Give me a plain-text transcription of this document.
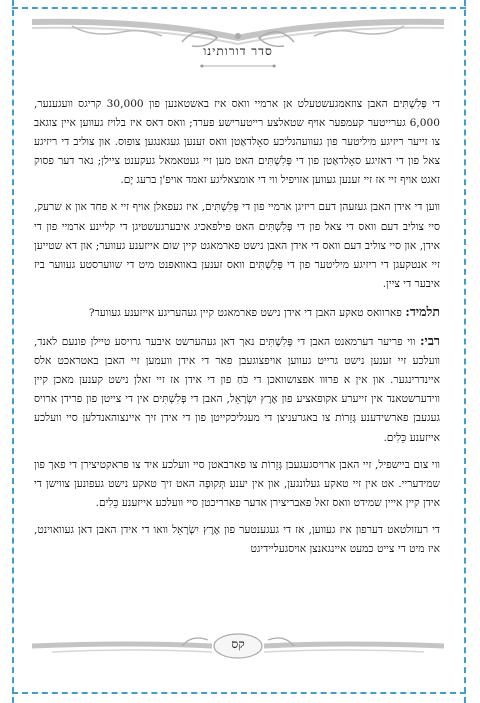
סדר דורותינו

די פְּלִשְׁתִּים האבן צוזאמגעשטעלט אן ארמיי וואס איז באשטאנען פון 30,000 קריגס וועגענער, 6,000 גערייטער קעמפער אויף שטאלצע רייטערישע פערד; וואס דאס איז בלויז געווען איין צוגאב צו זייער ריזיגע מיליטער פון געוועהנליכע סאָלדאַטן וואס זענען געגאנגען צופוס. און צוליב די ריזיגע צאל פון די דאזיגע סאָלדאַטן פון די פְּלִשְׁתִּים האט מען זיי געטאמאל געקענט ציילן; נאר דער פסוק זאגט אויף זיי אז זיי זענען געווען אזויפיל ווי די אומצאליגע זאמד אויפ'ן ברעג יָם.

ווען די אידן האבן געזעהן דעם ריזיגן ארמיי פון די פְּלִשְׁתִּים, איז געפאלן אויף זיי א פחד און א שרעק, סיי צוליב דעם וואס די צאל פון די פְּלִשְׁתִּים האט פילפאכיג איבערגעשטיגן די קליינע ארמיי פון די אידן, און סיי צוליב דעם וואס די אידן האבן נישט פארמאגט קיין שום אייזענע געווער; און דא שטייען זיי אנטקעגן די ריזיגע מיליטער פון די פְּלִשְׁתִּים וואס זענען באוואפנט מיט די שווערסטע געווער ביז איבער די ציין.

תלמיד: פארוואס טאקע האבן די אידן נישט פארמאגט קיין געהעריגע אייזענע געווער?

רבי: ווי פריער דערמאנט האבן די פְּלִשְׁתִּים נאך דאן געהערשט איבער גרויסע טיילן פונעם לאנד, וועלכע זיי זענען נישט גרייט געווען אויפצוגעבן פאר די אידן וועמען זיי האבן באטראכט אלס איינדרינגער. און אין א פרוּוו אפצושוואכן די כֹּחַ פון די אידן אז זיי זאלן נישט קענען מאכן קיין ווידערשטאנד אין זייערע אקופאציע פון אֶרֶץ יִשְׂרָאֵל, האבן די פְּלִשְׁתִּים אין די צייטן פון פרידן ארויס געגעבן פארשידענע גְּזֵרוֹת צו באגרעניצן די מעגליכקייטן פון די אידן זיך איינצוהאנדלען סיי וועלכע אייזענע כֵּלִים.

ווי צום ביישפיל, זיי האבן ארויסגעגעבן גְּזֵרוֹת צו פארבאטן סיי וועלכע איד צו פראקטיצירן די פאך פון שמידעריי. אט אין זיי טאקע געלונגען, און אין יענע תְּקוּפָה האט זיך טאקע נישט געפונען צווישן די אידן קיין אייין שמידט וואס זאל פאבריצירן אדער פארריכטן סיי וועלכע אייזענע כֵּלִים.

די רעזולטאט דערפון איז געווען, אז די געגענטער פון אֶרֶץ יִשְׂרָאֵל וואו די אידן האבן דאן געוואוינט, איז מיט די צייט כמעט איינגאנצן אויסגעליידיגט

קס
